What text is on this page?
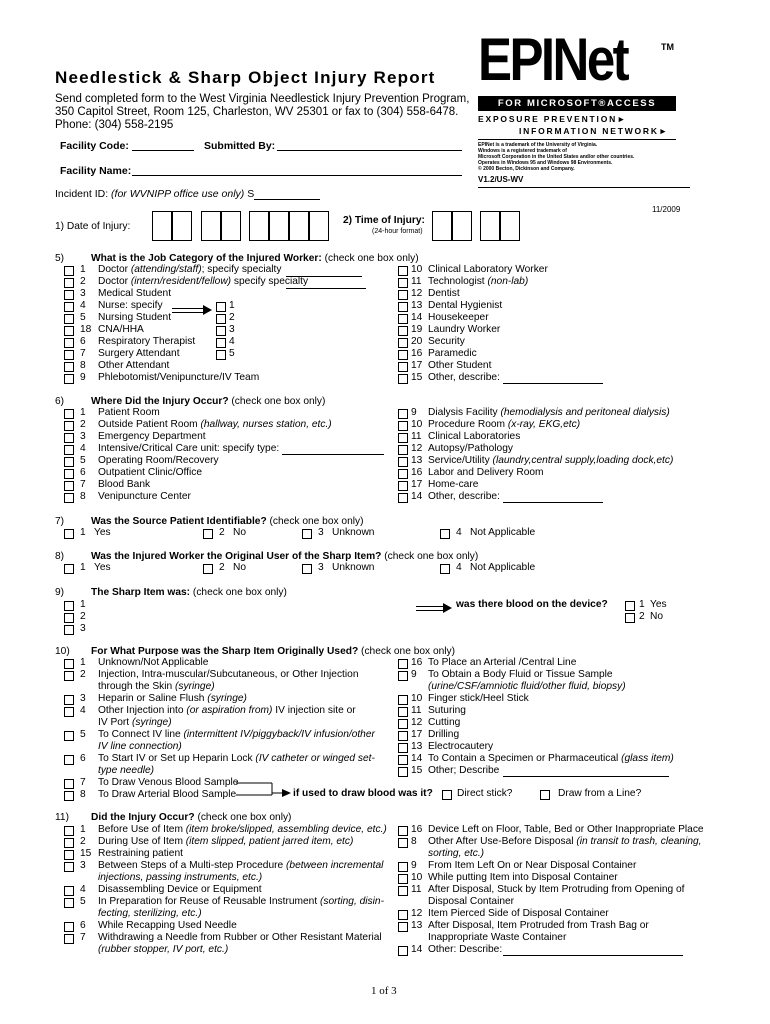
Needlestick & Sharp Object Injury Report
Send completed form to the West Virginia Needlestick Injury Prevention Program,
350 Capitol Street, Room 125, Charleston, WV 25301 or fax to (304) 558-6478.
Phone: (304) 558-2195
Facility Code:	Submitted By:
Facility Name:
Incident ID: (for WVNIPP office use only) S
EPINet	TM
FOR MICROSOFT®ACCESS
EXPOSURE PREVENTION►
INFORMATION NETWORK►
EPINet is a trademark of the University of Virginia.
Windows is a registered trademark of
Microsoft Corporation in the United States and/or other countries.
Operates in Windows 95 and Windows 98 Environments.
© 2000 Becton, Dickinson and Company.
V1.2/US-WV
11/2009
1) Date of Injury:
2) Time of Injury:
(24-hour format)
5)	What is the Job Category of the Injured Worker: (check one box only)
1 Doctor (attending/staff); specify specialty
2 Doctor (intern/resident/fellow) specify specialty
3 Medical Student
4 Nurse: specify
5 Nursing Student
18 CNA/HHA
6 Respiratory Therapist
7 Surgery Attendant
8 Other Attendant
9 Phlebotomist/Venipuncture/IV Team
1
2
3
4
5
10 Clinical Laboratory Worker
11 Technologist (non-lab)
12 Dentist
13 Dental Hygienist
14 Housekeeper
19 Laundry Worker
20 Security
16 Paramedic
17 Other Student
15 Other, describe:
6)	Where Did the Injury Occur? (check one box only)
1 Patient Room
2 Outside Patient Room (hallway, nurses station, etc.)
3 Emergency Department
4 Intensive/Critical Care unit: specify type:
5 Operating Room/Recovery
6 Outpatient Clinic/Office
7 Blood Bank
8 Venipuncture Center
9 Dialysis Facility (hemodialysis and peritoneal dialysis)
10 Procedure Room (x-ray, EKG,etc)
11 Clinical Laboratories
12 Autopsy/Pathology
13 Service/Utility (laundry,central supply,loading dock,etc)
16 Labor and Delivery Room
17 Home-care
14 Other, describe:
7)	Was the Source Patient Identifiable? (check one box only)
1 Yes	2 No	3 Unknown	4 Not Applicable
8)	Was the Injured Worker the Original User of the Sharp Item? (check one box only)
1 Yes	2 No	3 Unknown	4 Not Applicable
9)	The Sharp Item was: (check one box only)
1
2
3
was there blood on the device?	1 Yes
2 No
10) For What Purpose was the Sharp Item Originally Used? (check one box only)
1 Unknown/Not Applicable
2 Injection, Intra-muscular/Subcutaneous, or Other Injection
through the Skin (syringe)
3 Heparin or Saline Flush (syringe)
4 Other Injection into (or aspiration from) IV injection site or
IV Port (syringe)
5 To Connect IV line (intermittent IV/piggyback/IV infusion/other
IV line connection)
6 To Start IV or Set up Heparin Lock (IV catheter or winged set-
type needle)
7 To Draw Venous Blood Sample
8 To Draw Arterial Blood Sample
16 To Place an Arterial /Central Line
9 To Obtain a Body Fluid or Tissue Sample
(urine/CSF/amniotic fluid/other fluid, biopsy)
10 Finger stick/Heel Stick
11 Suturing
12 Cutting
17 Drilling
13 Electrocautery
14 To Contain a Specimen or Pharmaceutical (glass item)
15 Other; Describe
if used to draw blood was it? Direct stick?	Draw from a Line?
11) Did the Injury Occur? (check one box only)
1 Before Use of Item (item broke/slipped, assembling device, etc.)
2 During Use of Item (item slipped, patient jarred item, etc)
15 Restraining patient
3 Between Steps of a Multi-step Procedure (between incremental
injections, passing instruments, etc.)
4 Disassembling Device or Equipment
5 In Preparation for Reuse of Reusable Instrument (sorting, disin-
fecting, sterilizing, etc.)
6 While Recapping Used Needle
7 Withdrawing a Needle from Rubber or Other Resistant Material
(rubber stopper, IV port, etc.)
16 Device Left on Floor, Table, Bed or Other Inappropriate Place
8 Other After Use-Before Disposal (in transit to trash, cleaning,
sorting, etc.)
9 From Item Left On or Near Disposal Container
10 While putting Item into Disposal Container
11 After Disposal, Stuck by Item Protruding from Opening of
Disposal Container
12 Item Pierced Side of Disposal Container
13 After Disposal, Item Protruded from Trash Bag or
Inappropriate Waste Container
14 Other: Describe:
1 of 3
